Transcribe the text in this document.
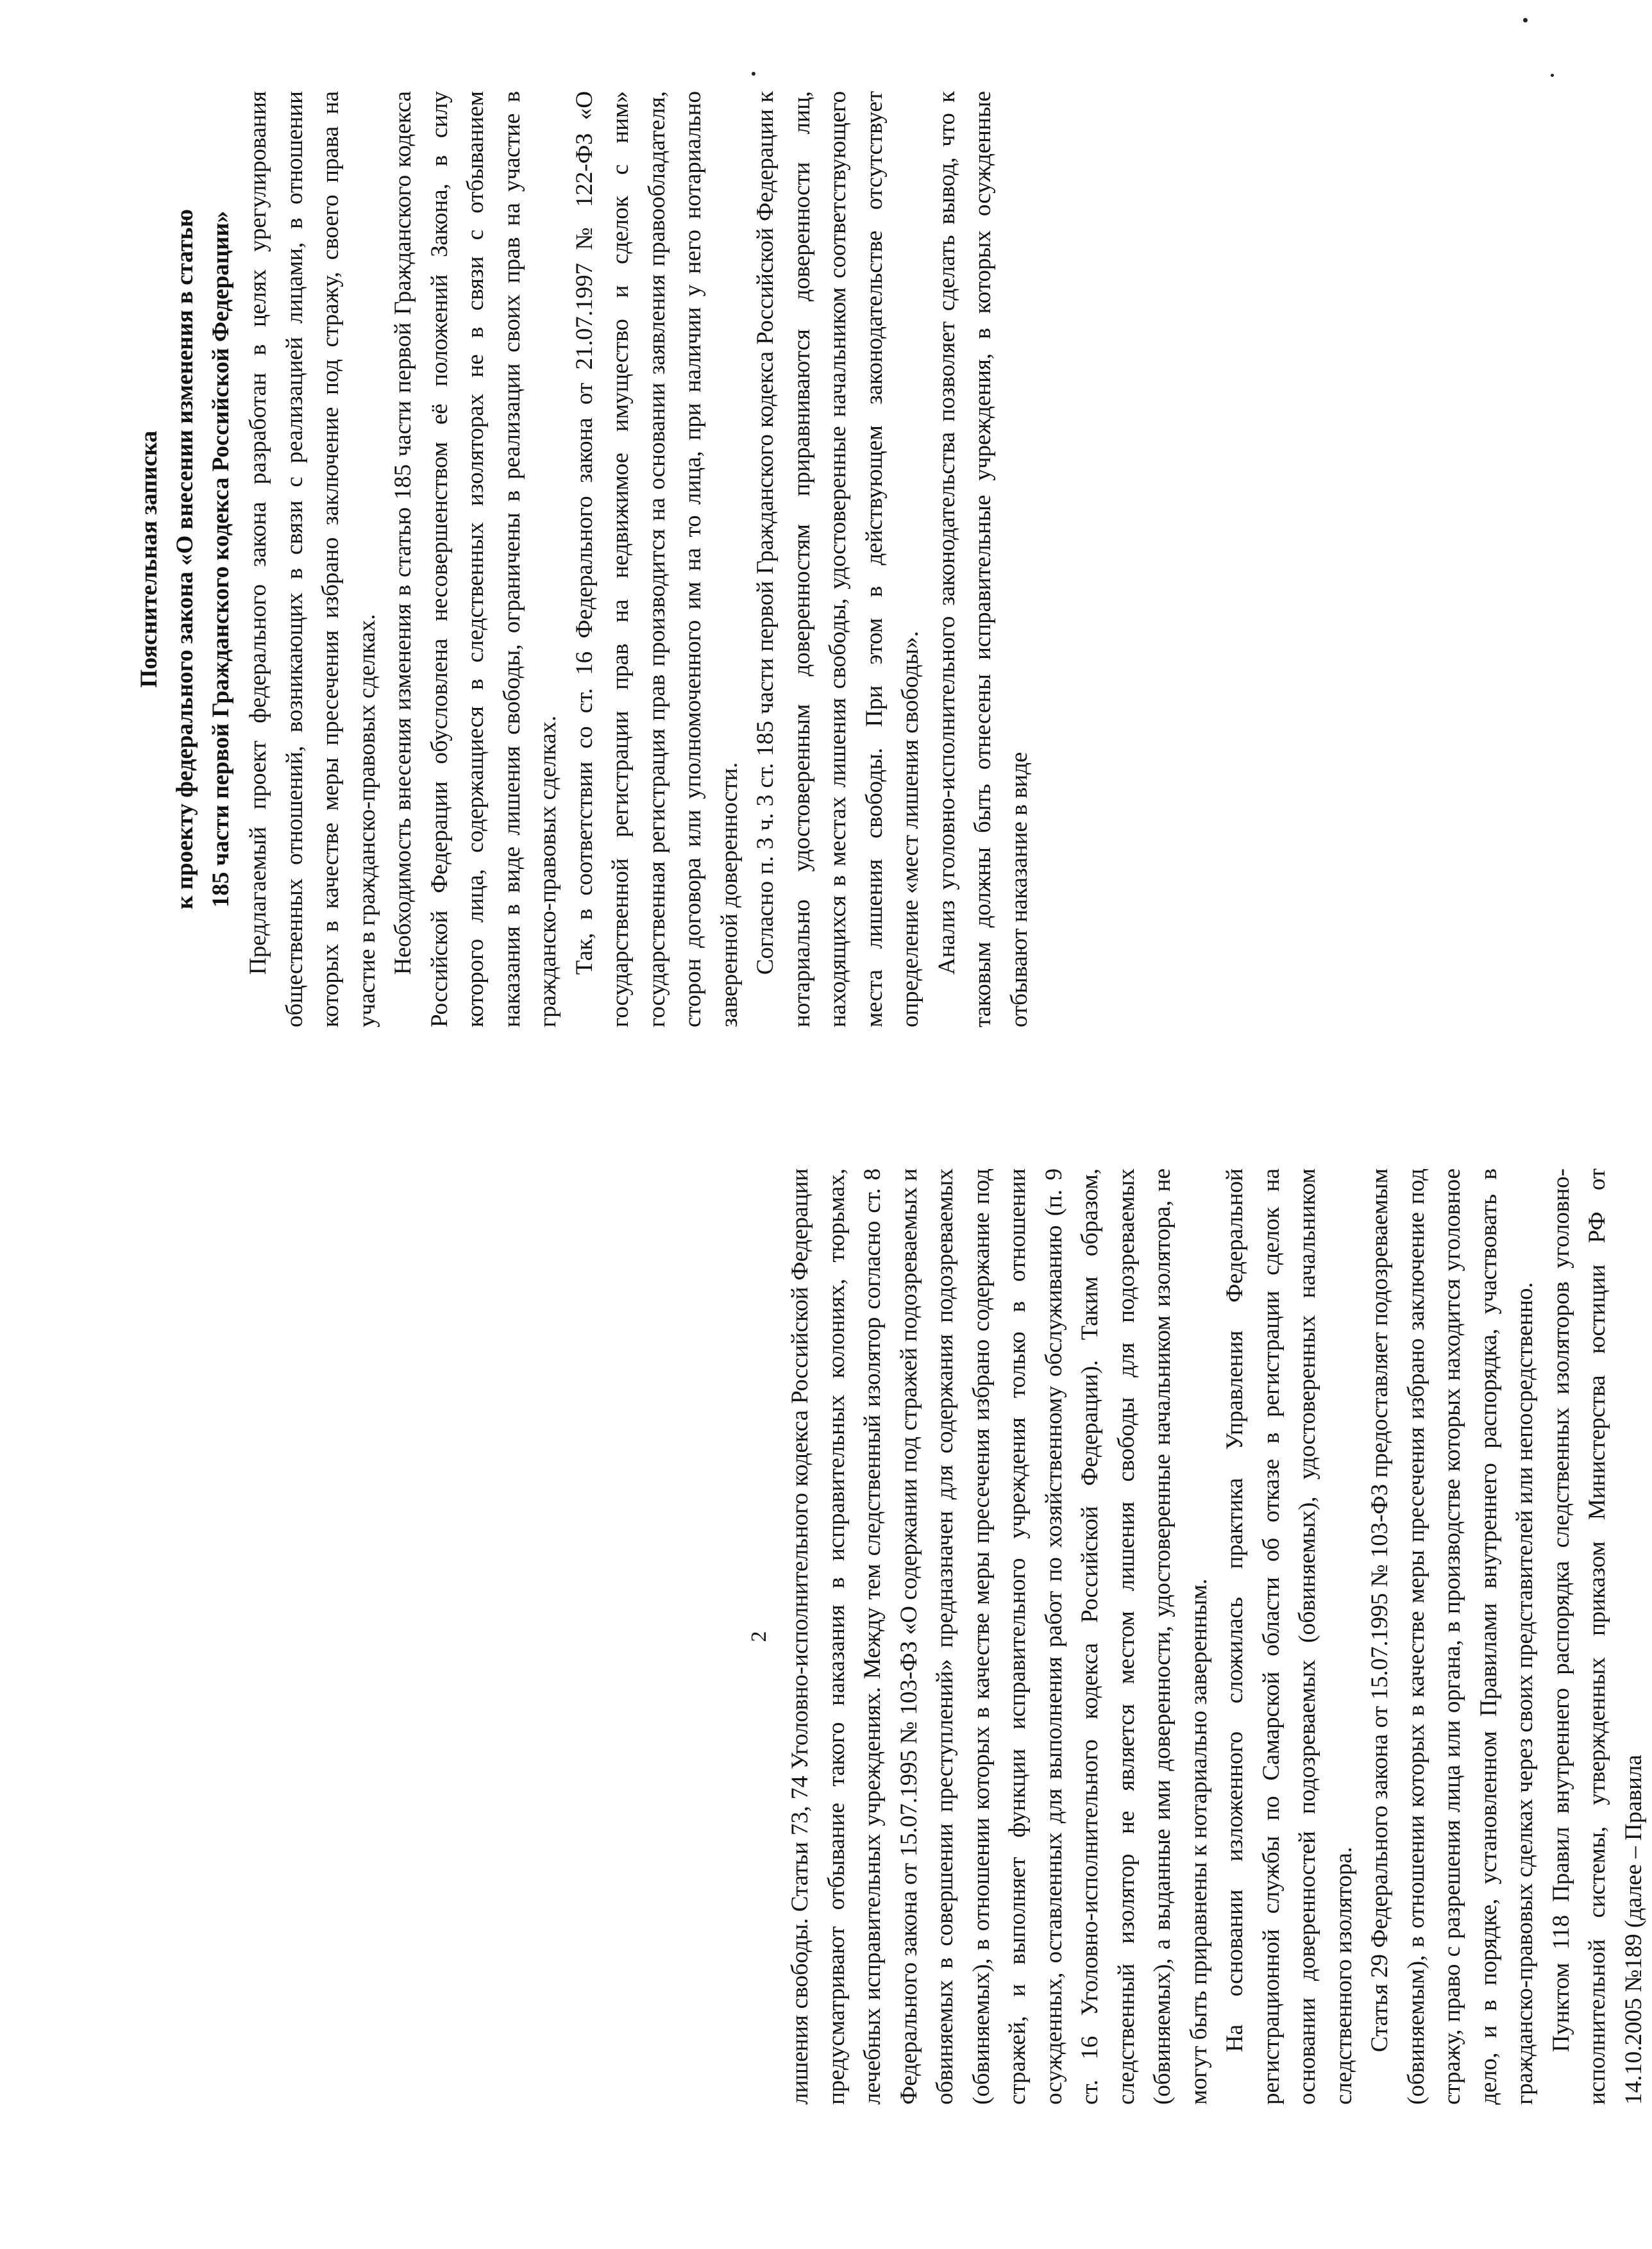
Пояснительная записка к проекту федерального закона «О внесении изменения в статью 185 части первой Гражданского кодекса Российской Федерации» Предлагаемый проект федерального закона разработан в целях урегулирования общественных отношений, возникающих в связи с реализацией лицами, в отношении которых в качестве меры пресечения избрано заключение под стражу, своего права на участие в гражданско-правовых сделках. Необходимость внесения изменения в статью 185 части первой Гражданского кодекса Российской Федерации обусловлена несовершенством её положений Закона, в силу которого лица, содержащиеся в следственных изоляторах не в связи с отбыванием наказания в виде лишения свободы, ограничены в реализации своих прав на участие в гражданско-правовых сделках. Так, в соответствии со ст. 16 Федерального закона от 21.07.1997 № 122-ФЗ «О государственной регистрации прав на недвижимое имущество и сделок с ним» государственная регистрация прав производится на основании заявления правообладателя, сторон договора или уполномоченного им на то лица, при наличии у него нотариально заверенной доверенности. Согласно п. 3 ч. 3 ст. 185 части первой Гражданского кодекса Российской Федерации к нотариально удостоверенным доверенностям приравниваются доверенности лиц, находящихся в местах лишения свободы, удостоверенные начальником соответствующего места лишения свободы. При этом в действующем законодательстве отсутствует определение «мест лишения свободы». Анализ уголовно-исполнительного законодательства позволяет сделать вывод, что к таковым должны быть отнесены исправительные учреждения, в которых осужденные отбывают наказание в виде

2 лишения свободы. Статьи 73, 74 Уголовно-исполнительного кодекса Российской Федерации предусматривают отбывание такого наказания в исправительных колониях, тюрьмах, лечебных исправительных учреждениях. Между тем следственный изолятор согласно ст. 8 Федерального закона от 15.07.1995 № 103-ФЗ «О содержании под стражей подозреваемых и обвиняемых в совершении преступлений» предназначен для содержания подозреваемых (обвиняемых), в отношении которых в качестве меры пресечения избрано содержание под стражей, и выполняет функции исправительного учреждения только в отношении осужденных, оставленных для выполнения работ по хозяйственному обслуживанию (п. 9 ст. 16 Уголовно-исполнительного кодекса Российской Федерации). Таким образом, следственный изолятор не является местом лишения свободы для подозреваемых (обвиняемых), а выданные ими доверенности, удостоверенные начальником изолятора, не могут быть приравнены к нотариально заверенным. На основании изложенного сложилась практика Управления Федеральной регистрационной службы по Самарской области об отказе в регистрации сделок на основании доверенностей подозреваемых (обвиняемых), удостоверенных начальником следственного изолятора. Статья 29 Федерального закона от 15.07.1995 № 103-ФЗ предоставляет подозреваемым (обвиняемым), в отношении которых в качестве меры пресечения избрано заключение под стражу, право с разрешения лица или органа, в производстве которых находится уголовное дело, и в порядке, установленном Правилами внутреннего распорядка, участвовать в гражданско-правовых сделках через своих представителей или непосредственно. Пунктом 118 Правил внутреннего распорядка следственных изоляторов уголовно-исполнительной системы, утвержденных приказом Министерства юстиции РФ от 14.10.2005 №189 (далее – Правила
